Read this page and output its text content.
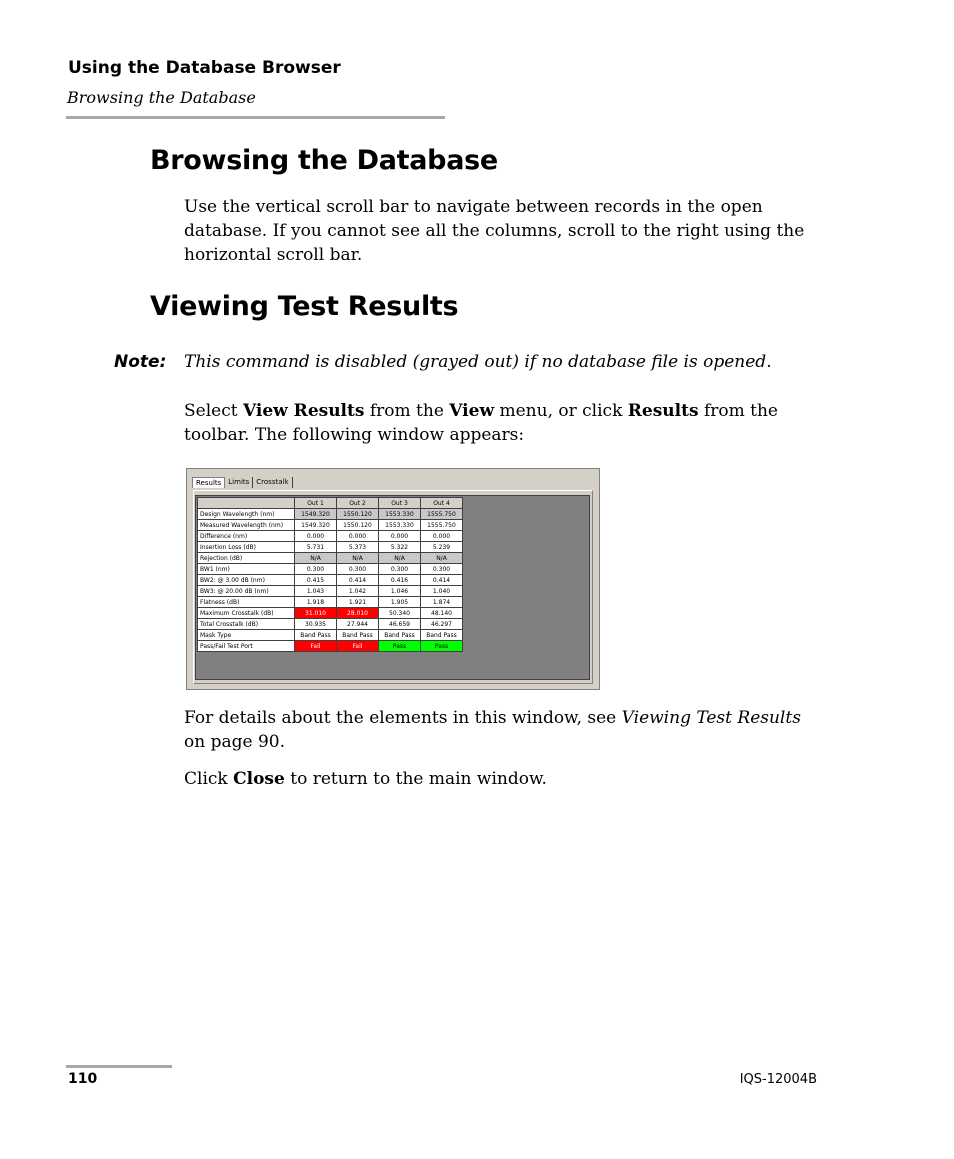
Using the Database Browser
Browsing the Database
Browsing the Database

Use the vertical scroll bar to navigate between records in the open database. If you cannot see all the columns, scroll to the right using the horizontal scroll bar.

Viewing Test Results
Note: This command is disabled (grayed out) if no database file is opened.

Select View Results from the View menu, or click Results from the toolbar. The following window appears:

Results	Limits	Crosstalk
	Out 1	Out 2	Out 3	Out 4
Design Wavelength (nm)	1549.320	1550.120	1553.330	1555.750
Measured Wavelength (nm)	1549.320	1550.120	1553.330	1555.750
Difference (nm)	0.000	0.000	0.000	0.000
Insertion Loss (dB)	5.731	5.373	5.322	5.239
Rejection (dB)	N/A	N/A	N/A	N/A
BW1 (nm)	0.300	0.300	0.300	0.300
BW2: @ 3.00 dB (nm)	0.415	0.414	0.416	0.414
BW3: @ 20.00 dB (nm)	1.043	1.042	1.046	1.040
Flatness (dB)	1.918	1.921	1.905	1.874
Maximum Crosstalk (dB)	31.010	28.010	50.340	48.140
Total Crosstalk (dB)	30.935	27.944	46.659	46.297
Mask Type	Band Pass	Band Pass	Band Pass	Band Pass
Pass/Fail Test Port	Fail	Fail	Pass	Pass

For details about the elements in this window, see Viewing Test Results on page 90.

Click Close to return to the main window.

110	IQS-12004B
